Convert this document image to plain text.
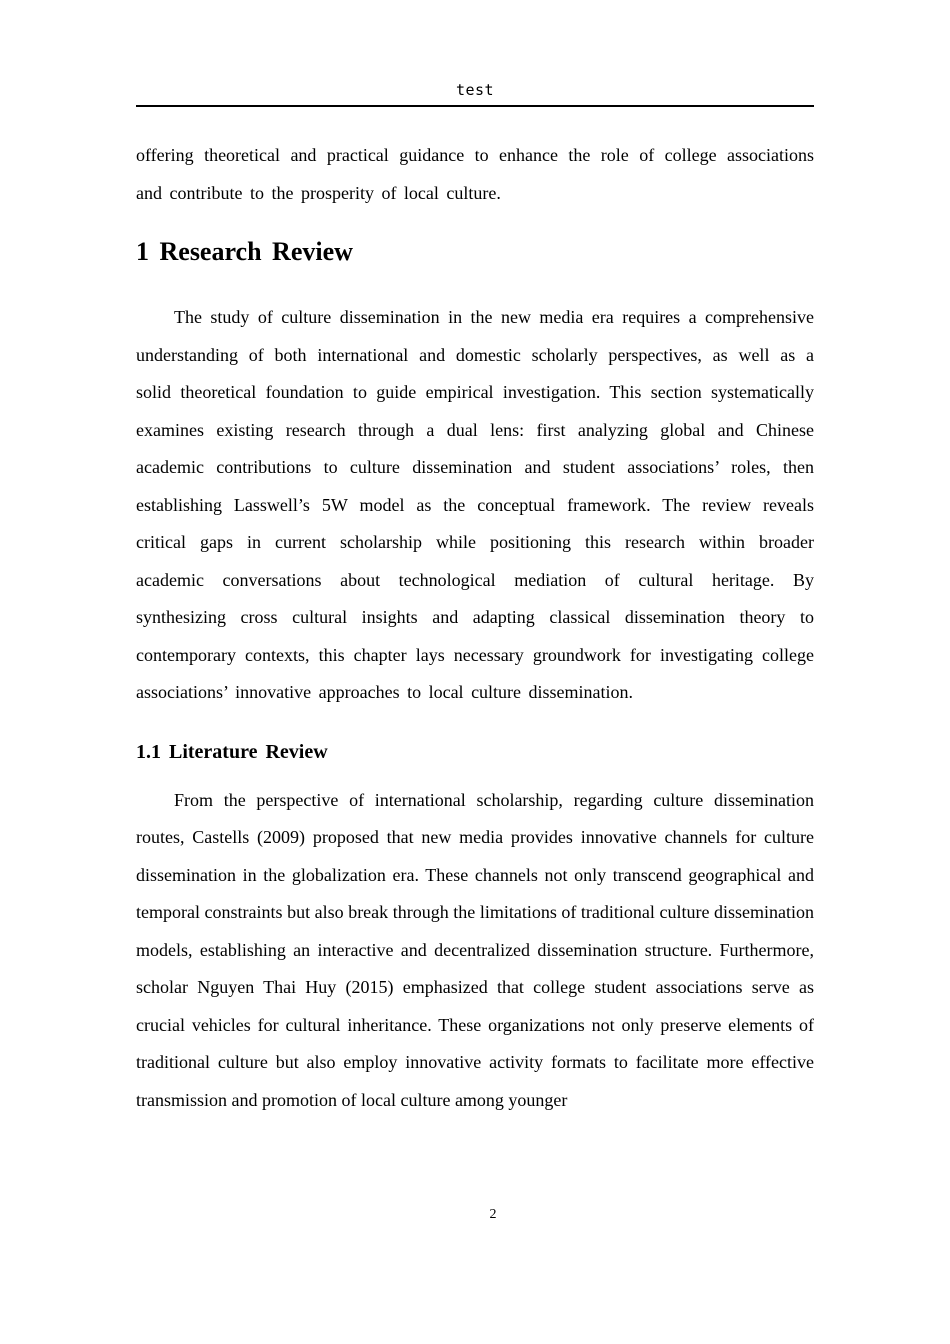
test

offering theoretical and practical guidance to enhance the role of college associations and contribute to the prosperity of local culture.

1 Research Review

The study of culture dissemination in the new media era requires a comprehensive understanding of both international and domestic scholarly perspectives, as well as a solid theoretical foundation to guide empirical investigation. This section systematically examines existing research through a dual lens: first analyzing global and Chinese academic contributions to culture dissemination and student associations’ roles, then establishing Lasswell’s 5W model as the conceptual framework. The review reveals critical gaps in current scholarship while positioning this research within broader academic conversations about technological mediation of cultural heritage. By synthesizing cross cultural insights and adapting classical dissemination theory to contemporary contexts, this chapter lays necessary groundwork for investigating college associations’ innovative approaches to local culture dissemination.

1.1 Literature Review

From the perspective of international scholarship, regarding culture dissemination routes, Castells (2009) proposed that new media provides innovative channels for culture dissemination in the globalization era. These channels not only transcend geographical and temporal constraints but also break through the limitations of traditional culture dissemination models, establishing an interactive and decentralized dissemination structure. Furthermore, scholar Nguyen Thai Huy (2015) emphasized that college student associations serve as crucial vehicles for cultural inheritance. These organizations not only preserve elements of traditional culture but also employ innovative activity formats to facilitate more effective transmission and promotion of local culture among younger

2
